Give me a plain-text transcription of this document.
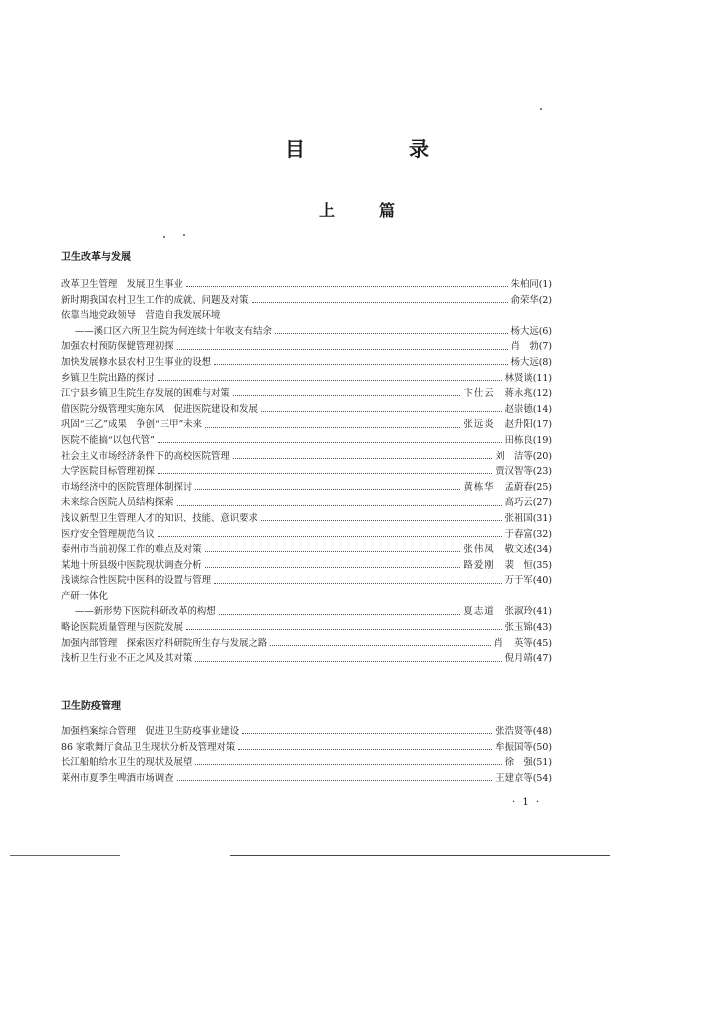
目　录
上　篇
卫生改革与发展
改革卫生管理　发展卫生事业	朱柏同(1)
新时期我国农村卫生工作的成就、问题及对策	俞荣华(2)
依靠当地党政领导　营造自我发展环境
——溪口区六所卫生院为何连续十年收支有结余	杨大远(6)
加强农村预防保健管理初探	肖　勃(7)
加快发展修水县农村卫生事业的设想	杨大远(8)
乡镇卫生院出路的探讨	林贤谈(11)
江宁县乡镇卫生院生存发展的困难与对策	卞仕云 蒋永兆(12)
借医院分级管理实施东风　促进医院建设和发展	赵崇德(14)
巩固“三乙”成果　争创“三甲”未来	张远炎 赵升阳(17)
医院不能搞“以包代管”	田栋良(19)
社会主义市场经济条件下的高校医院管理	刘　洁等(20)
大学医院目标管理初探	贾汉智等(23)
市场经济中的医院管理体制探讨	黄栋华 孟蔚春(25)
未来综合医院人员结构探索	高巧云(27)
浅议新型卫生管理人才的知识、技能、意识要求	张祖国(31)
医疗安全管理规范刍议	于春富(32)
泰州市当前初保工作的难点及对策	张伟凤 敬文述(34)
某地十所县级中医院现状调查分析	路爱刚 裴　恒(35)
浅谈综合性医院中医科的设置与管理	万于军(40)
产研一体化
——新形势下医院科研改革的构想	夏志道 张淑玲(41)
略论医院质量管理与医院发展	张玉锦(43)
加强内部管理　探索医疗科研院所生存与发展之路	肖 英等(45)
浅析卫生行业不正之风及其对策	倪月靖(47)
卫生防疫管理
加强档案综合管理　促进卫生防疫事业建设	张浩贤等(48)
86 家歌舞厅食品卫生现状分析及管理对策	牟振国等(50)
长江船舶给水卫生的现状及展望	徐　强(51)
莱州市夏季生啤酒市场调查	王建京等(54)
· 1 ·
